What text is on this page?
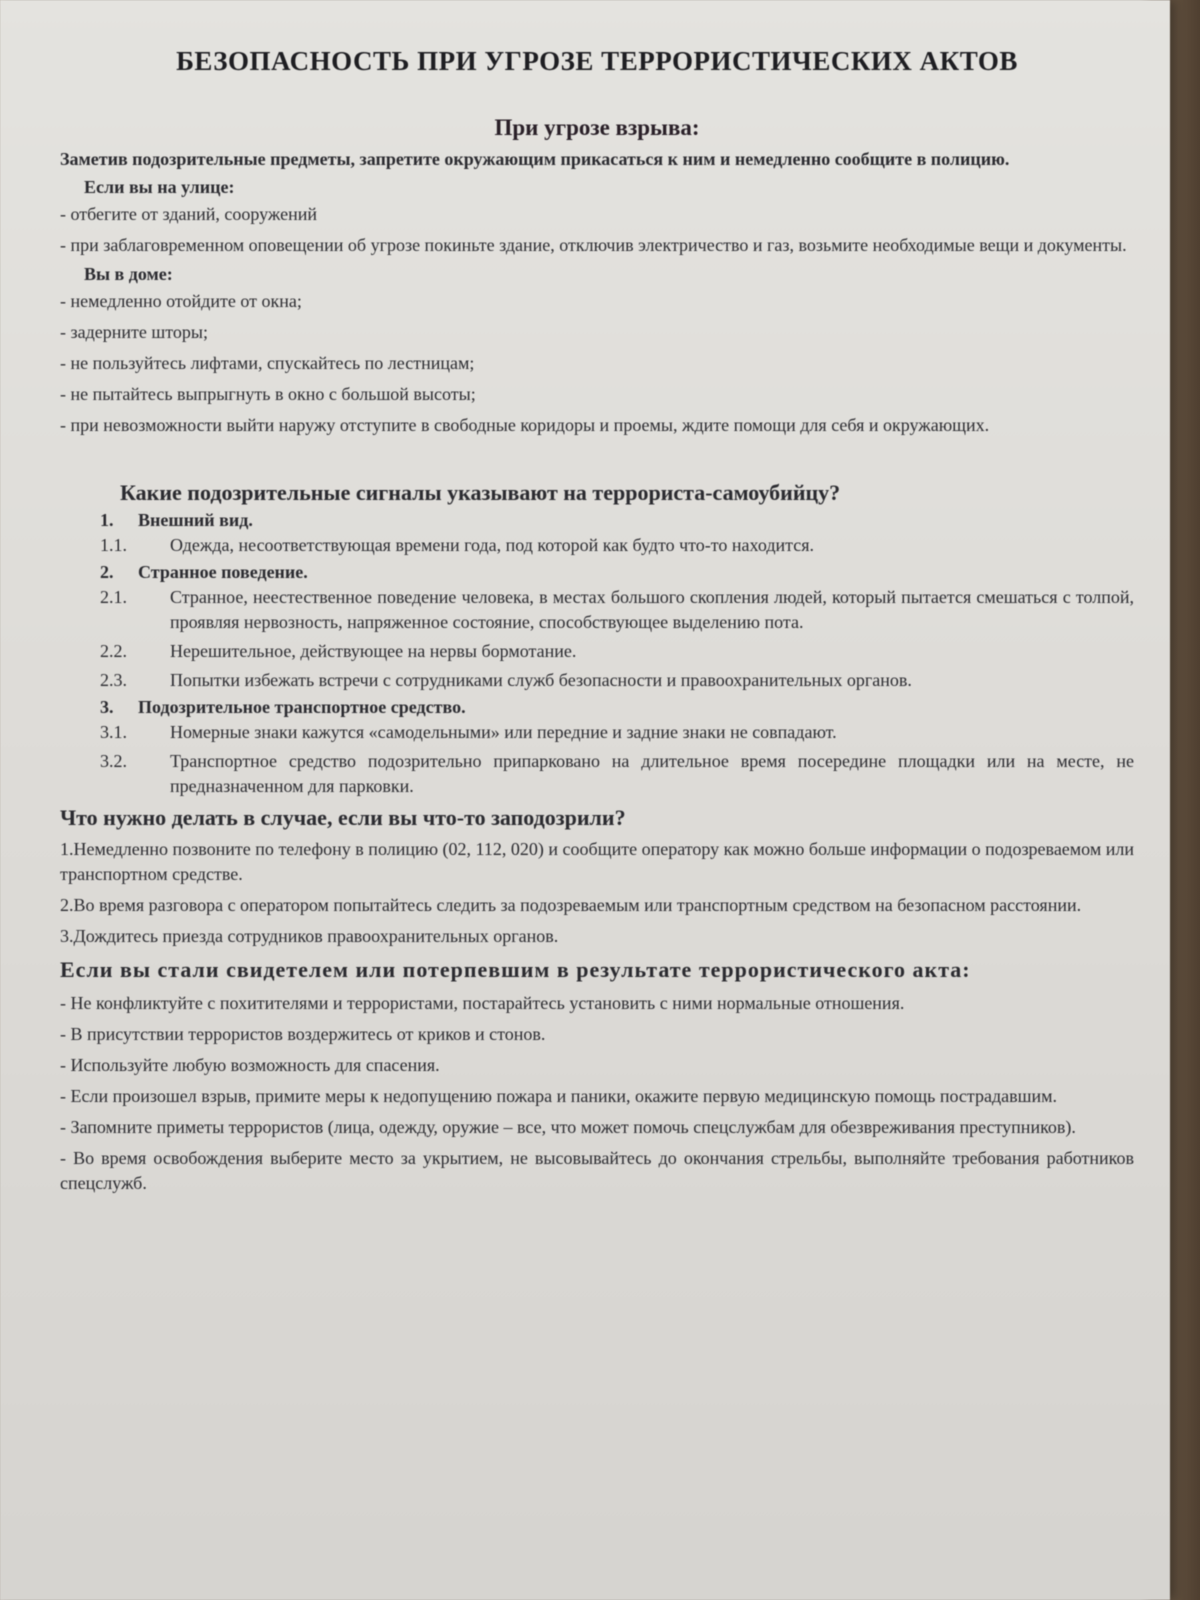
БЕЗОПАСНОСТЬ ПРИ УГРОЗЕ ТЕРРОРИСТИЧЕСКИХ АКТОВ
При угрозе взрыва:
Заметив подозрительные предметы, запретите окружающим прикасаться к ним и немедленно сообщите в полицию.
Если вы на улице:
- отбегите от зданий, сооружений
- при заблаговременном оповещении об угрозе покиньте здание, отключив электричество и газ, возьмите необходимые вещи и документы.
Вы в доме:
- немедленно отойдите от окна;
- задерните шторы;
- не пользуйтесь лифтами, спускайтесь по лестницам;
- не пытайтесь выпрыгнуть в окно с большой высоты;
- при невозможности выйти наружу отступите в свободные коридоры и проемы, ждите помощи для себя и окружающих.
Какие подозрительные сигналы указывают на террориста-самоубийцу?
1.	Внешний вид.
1.1.	Одежда, несоответствующая времени года, под которой как будто что-то находится.
2.	Странное поведение.
2.1.	Странное, неестественное поведение человека, в местах большого скопления людей, который пытается смешаться с толпой, проявляя нервозность, напряженное состояние, способствующее выделению пота.
2.2.	Нерешительное, действующее на нервы бормотание.
2.3.	Попытки избежать встречи с сотрудниками служб безопасности и правоохранительных органов.
3.	Подозрительное транспортное средство.
3.1.	Номерные знаки кажутся «самодельными» или передние и задние знаки не совпадают.
3.2.	Транспортное средство подозрительно припарковано на длительное время посередине площадки или на месте, не предназначенном для парковки.
Что нужно делать в случае, если вы что-то заподозрили?
1.Немедленно позвоните по телефону в полицию (02, 112, 020) и сообщите оператору как можно больше информации о подозреваемом или транспортном средстве.
2.Во время разговора с оператором попытайтесь следить за подозреваемым или транспортным средством на безопасном расстоянии.
3.Дождитесь приезда сотрудников правоохранительных органов.
Если вы стали свидетелем или потерпевшим в результате террористического акта:
- Не конфликтуйте с похитителями и террористами, постарайтесь установить с ними нормальные отношения.
- В присутствии террористов воздержитесь от криков и стонов.
- Используйте любую возможность для спасения.
- Если произошел взрыв, примите меры к недопущению пожара и паники, окажите первую медицинскую помощь пострадавшим.
- Запомните приметы террористов (лица, одежду, оружие – все, что может помочь спецслужбам для обезвреживания преступников).
- Во время освобождения выберите место за укрытием, не высовывайтесь до окончания стрельбы, выполняйте требования работников спецслужб.
